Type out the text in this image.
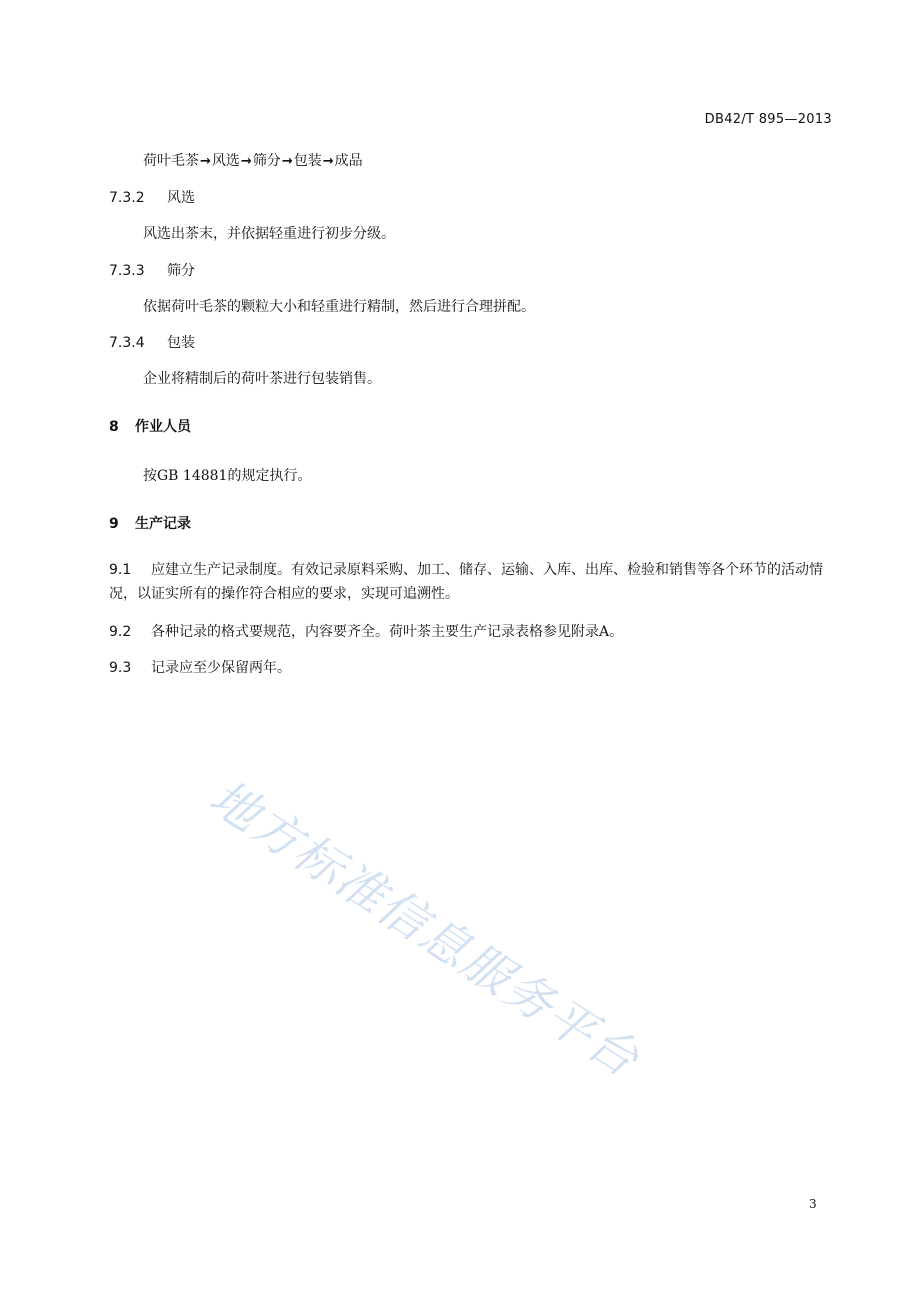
DB42/T 895—2013
荷叶毛茶→风选→筛分→包装→成品
7.3.2 风选
风选出茶末，并依据轻重进行初步分级。
7.3.3 筛分
依据荷叶毛茶的颗粒大小和轻重进行精制，然后进行合理拼配。
7.3.4 包装
企业将精制后的荷叶茶进行包装销售。
8 作业人员
按GB 14881的规定执行。
9 生产记录
9.1 应建立生产记录制度。有效记录原料采购、加工、储存、运输、入库、出库、检验和销售等各个环节的活动情况，以证实所有的操作符合相应的要求，实现可追溯性。
9.2 各种记录的格式要规范，内容要齐全。荷叶茶主要生产记录表格参见附录A。
9.3 记录应至少保留两年。
地方标准信息服务平台
3
